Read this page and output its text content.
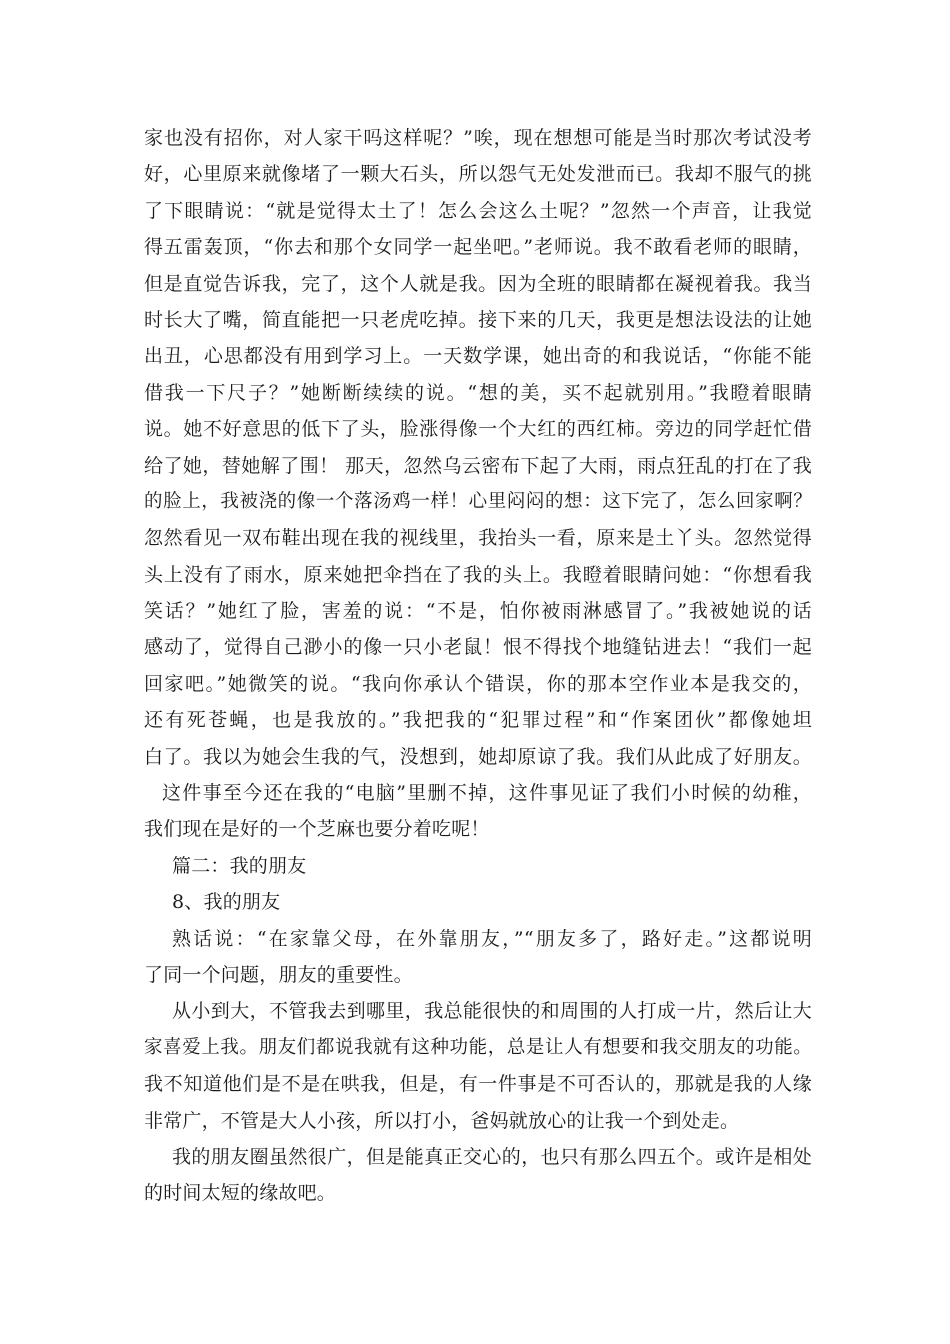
家也没有招你，对人家干吗这样呢？”唉，现在想想可能是当时那次考试没考
好，心里原来就像堵了一颗大石头，所以怨气无处发泄而已。我却不服气的挑
了下眼睛说：“就是觉得太土了！怎么会这么土呢？”忽然一个声音，让我觉
得五雷轰顶，“你去和那个女同学一起坐吧。”老师说。我不敢看老师的眼睛，
但是直觉告诉我，完了，这个人就是我。因为全班的眼睛都在凝视着我。我当
时长大了嘴，简直能把一只老虎吃掉。接下来的几天，我更是想法设法的让她
出丑，心思都没有用到学习上。一天数学课，她出奇的和我说话，“你能不能
借我一下尺子？”她断断续续的说。“想的美，买不起就别用。”我瞪着眼睛
说。她不好意思的低下了头，脸涨得像一个大红的西红柿。旁边的同学赶忙借
给了她，替她解了围！ 那天，忽然乌云密布下起了大雨，雨点狂乱的打在了我
的脸上，我被浇的像一个落汤鸡一样！心里闷闷的想：这下完了，怎么回家啊？
忽然看见一双布鞋出现在我的视线里，我抬头一看，原来是土丫头。忽然觉得
头上没有了雨水，原来她把伞挡在了我的头上。我瞪着眼睛问她：“你想看我
笑话？”她红了脸，害羞的说：“不是，怕你被雨淋感冒了。”我被她说的话
感动了，觉得自己渺小的像一只小老鼠！恨不得找个地缝钻进去！“我们一起
回家吧。”她微笑的说。“我向你承认个错误，你的那本空作业本是我交的，
还有死苍蝇，也是我放的。”我把我的“犯罪过程”和“作案团伙”都像她坦
白了。我以为她会生我的气，没想到，她却原谅了我。我们从此成了好朋友。
这件事至今还在我的“电脑”里删不掉，这件事见证了我们小时候的幼稚，
我们现在是好的一个芝麻也要分着吃呢！
篇二：我的朋友
8、我的朋友
熟话说：“在家靠父母，在外靠朋友，”“朋友多了，路好走。”这都说明
了同一个问题，朋友的重要性。
从小到大，不管我去到哪里，我总能很快的和周围的人打成一片，然后让大
家喜爱上我。朋友们都说我就有这种功能，总是让人有想要和我交朋友的功能。
我不知道他们是不是在哄我，但是，有一件事是不可否认的，那就是我的人缘
非常广，不管是大人小孩，所以打小，爸妈就放心的让我一个到处走。
我的朋友圈虽然很广，但是能真正交心的，也只有那么四五个。或许是相处
的时间太短的缘故吧。
